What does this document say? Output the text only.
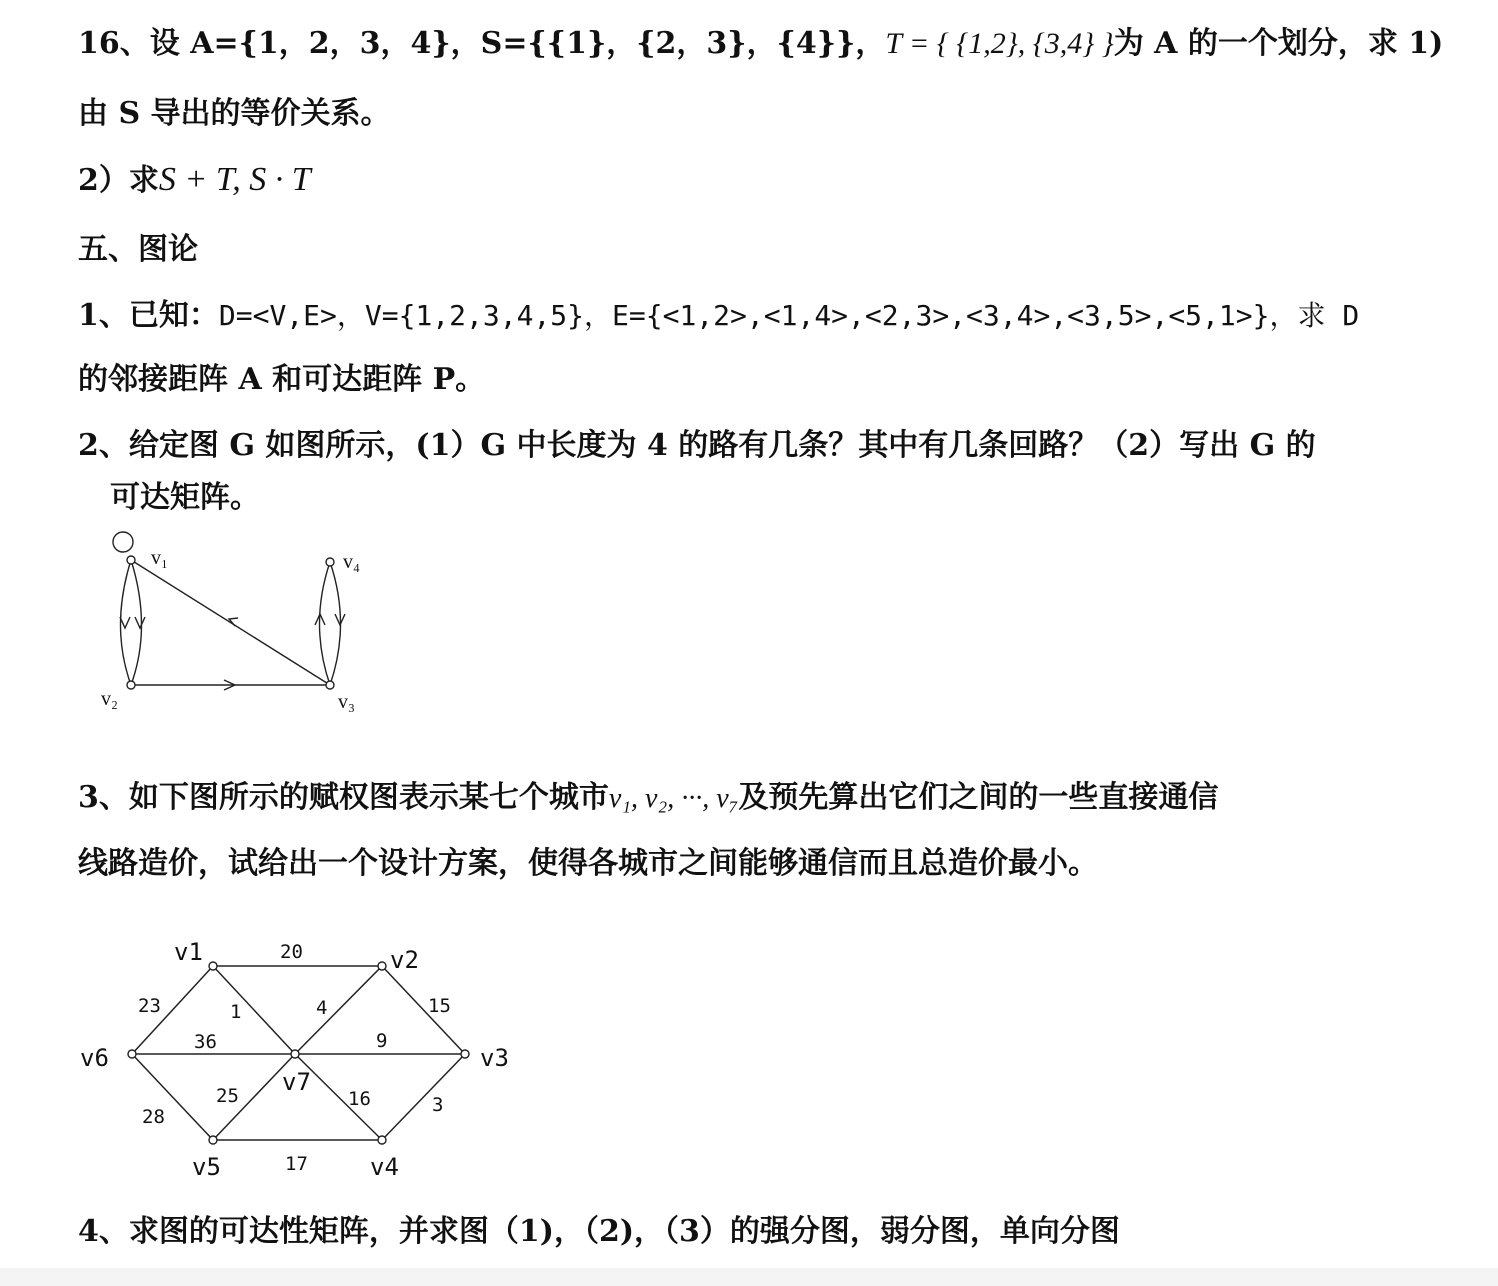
16、设 A={1，2，3，4}，S={{1}，{2，3}，{4}}，T = { {1,2}, {3,4} }为 A 的一个划分，求 1)
由 S 导出的等价关系。
2）求S + T, S · T
五、图论
1、已知：D=<V,E>，V={1,2,3,4,5}，E={<1,2>,<1,4>,<2,3>,<3,4>,<3,5>,<5,1>}，求 D
的邻接距阵 A 和可达距阵 P。
2、给定图 G 如图所示，(1）G 中长度为 4 的路有几条？其中有几条回路？（2）写出 G 的
可达矩阵。
v₁
v₂	v₃
v₄
3、如下图所示的赋权图表示某七个城市v₁, v₂, ···, v₇及预先算出它们之间的一些直接通信
线路造价，试给出一个设计方案，使得各城市之间能够通信而且总造价最小。
v1	v2
v3
v4
v5
v6
v7
20
23	1	4	15
36	9
25	16	3
28
17
4、求图的可达性矩阵，并求图（1)，（2)，（3）的强分图，弱分图，单向分图
